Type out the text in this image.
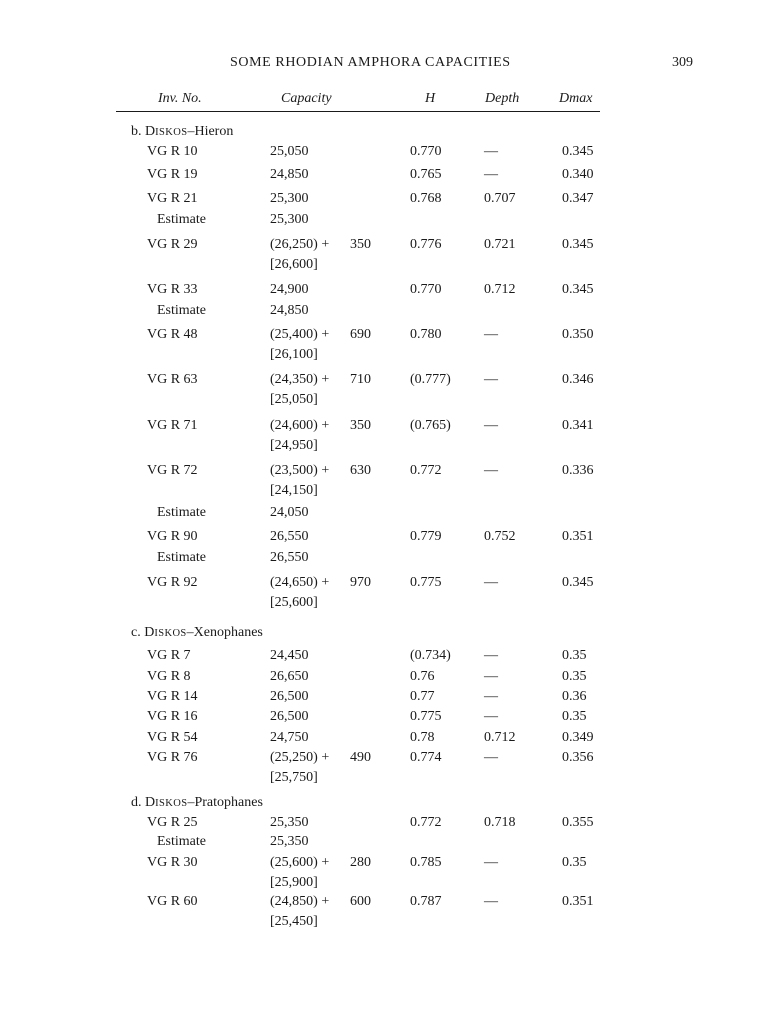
SOME RHODIAN AMPHORA CAPACITIES	309
Inv. No.	Capacity	H	Depth	Dmax
b. DISKOS–Hieron
VG R 10	25,050	0.770	—	0.345
VG R 19	24,850	0.765	—	0.340
VG R 21	25,300	0.768	0.707	0.347
Estimate	25,300
VG R 29	(26,250) + 350	0.776	0.721	0.345
[26,600]
VG R 33	24,900	0.770	0.712	0.345
Estimate	24,850
VG R 48	(25,400) + 690	0.780	—	0.350
[26,100]
VG R 63	(24,350) + 710	(0.777) —	0.346
[25,050]
VG R 71	(24,600) + 350	(0.765) —	0.341
[24,950]
VG R 72	(23,500) + 630	0.772	—	0.336
[24,150]
Estimate	24,050
VG R 90	26,550	0.779	0.752	0.351
Estimate	26,550
VG R 92	(24,650) + 970	0.775	—	0.345
[25,600]
c. DISKOS–Xenophanes
VG R 7	24,450	(0.734) —	0.35
VG R 8	26,650	0.76	—	0.35
VG R 14	26,500	0.77	—	0.36
VG R 16	26,500	0.775	—	0.35
VG R 54	24,750	0.78	0.712	0.349
VG R 76	(25,250) + 490	0.774	—	0.356
[25,750]
d. DISKOS–Pratophanes
VG R 25	25,350	0.772	0.718	0.355
Estimate	25,350
VG R 30	(25,600) + 280	0.785	—	0.35
[25,900]
VG R 60	(24,850) + 600	0.787	—	0.351
[25,450]
